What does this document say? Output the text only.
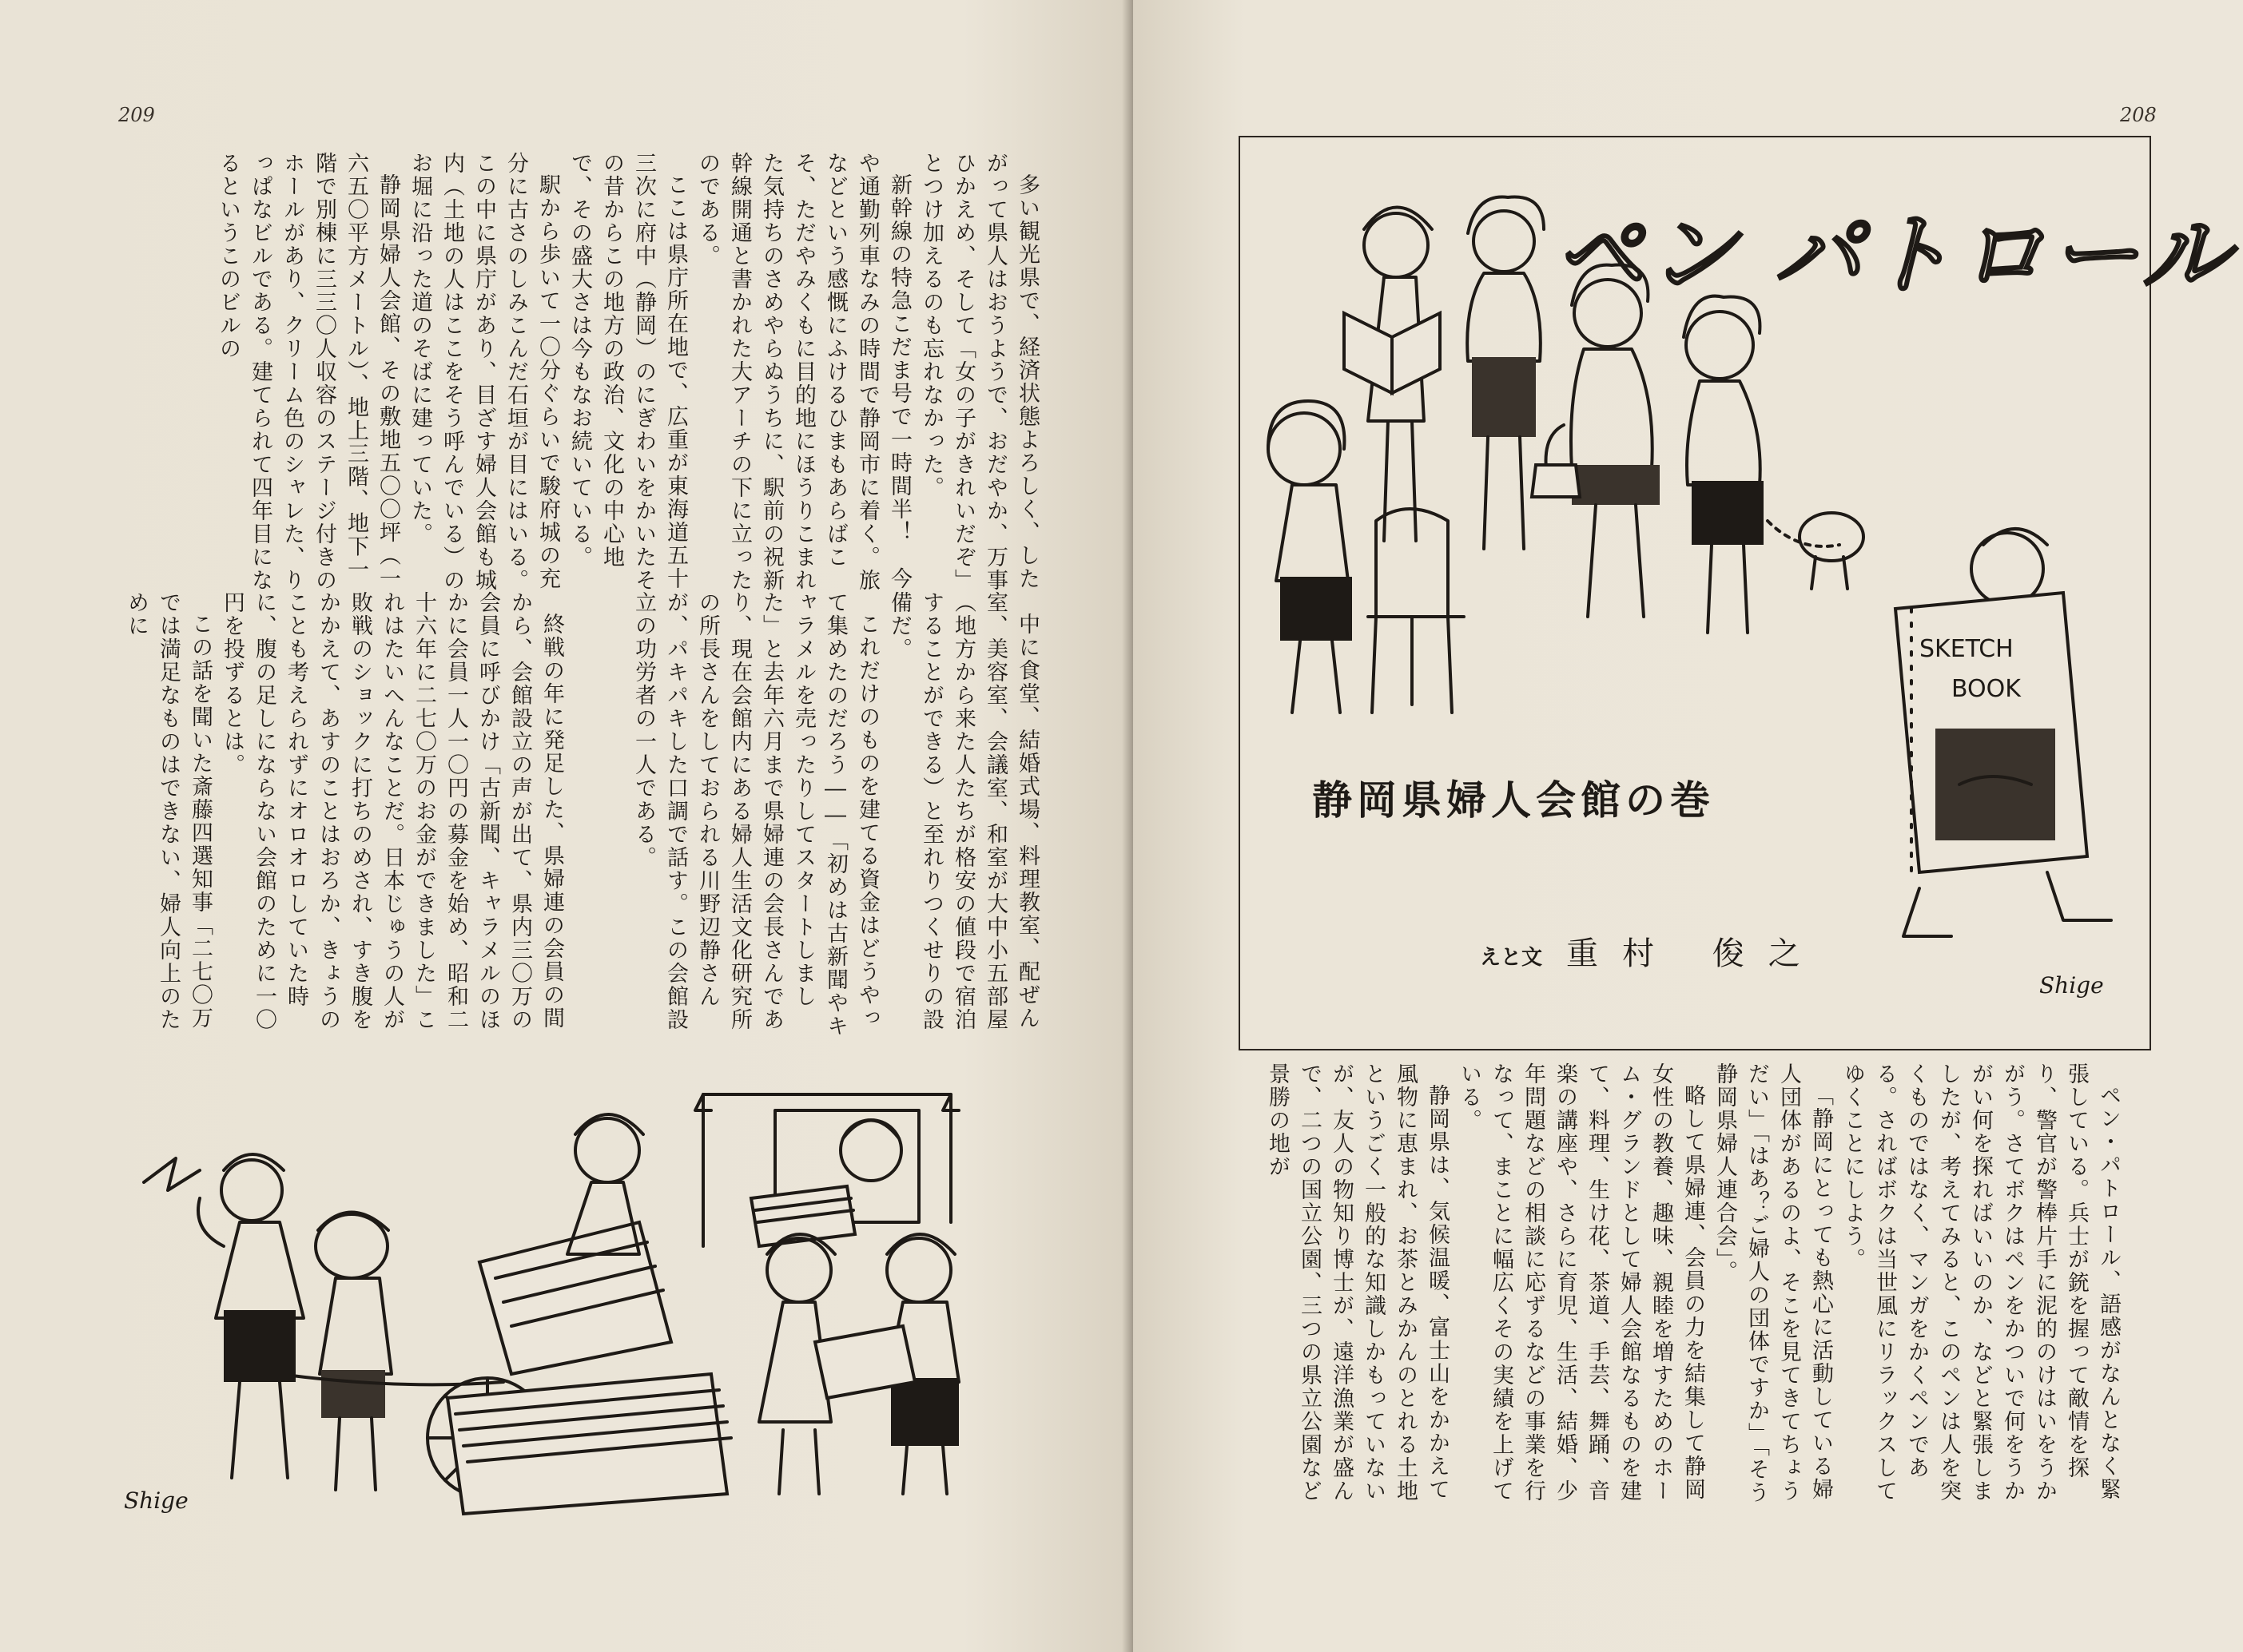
209

多い観光県で、経済状態よろしく、したがって県人はおうようで、おだやか、万事ひかえめ、そして「女の子がきれいだぞ」とつけ加えるのも忘れなかった。

新幹線の特急こだま号で一時間半！　今や通勤列車なみの時間で静岡市に着く。旅などという感慨にふけるひまもあらばこそ、ただやみくもに目的地にほうりこまれた気持ちのさめやらぬうちに、駅前の祝新幹線開通と書かれた大アーチの下に立ったのである。

ここは県庁所在地で、広重が東海道五十三次に府中（静岡）のにぎわいをかいたその昔からこの地方の政治、文化の中心地で、その盛大さは今もなお続いている。

駅から歩いて一〇分ぐらいで駿府城の充分に古さのしみこんだ石垣が目にはいる。この中に県庁があり、目ざす婦人会館も城内（土地の人はここをそう呼んでいる）のお堀に沿った道のそばに建っていた。

静岡県婦人会館、その敷地五〇〇坪（一六五〇平方メートル）、地上三階、地下一階で別棟に三三〇人収容のステージ付きのホールがあり、クリーム色のシャレた、りっぱなビルである。建てられて四年目になるというこのビルの

中に食堂、結婚式場、料理教室、配ぜん室、美容室、会議室、和室が大中小五部屋（地方から来た人たちが格安の値段で宿泊することができる）と至れりつくせりの設備だ。

これだけのものを建てる資金はどうやって集めたのだろう――「初めは古新聞やキャラメルを売ったりしてスタートしました」と去年六月まで県婦連の会長さんであり、現在会館内にある婦人生活文化研究所の所長さんをしておられる川野辺静さんが、パキパキした口調で話す。この会館設立の功労者の一人である。

終戦の年に発足した、県婦連の会員の間から、会館設立の声が出て、県内三〇万の会員に呼びかけ「古新聞、キャラメルのほかに会員一人一〇円の募金を始め、昭和二十六年に二七〇万のお金ができました」これはたいへんなことだ。日本じゅうの人が敗戦のショックに打ちのめされ、すき腹をかかえて、あすのことはおろか、きょうのことも考えられずにオロオロしていた時に、腹の足しにならない会館のために一〇円を投ずるとは。

この話を聞いた斎藤四選知事「二七〇万では満足なものはできない、婦人向上のために

Shige
208
ペン パトロール
SKETCH
BOOK
Shige
静岡県婦人会館の巻
えと文 重村 俊之

ペン・パトロール、語感がなんとなく緊張している。兵士が銃を握って敵情を探り、警官が警棒片手に泥的のけはいをうかがう。さてボクはペンをかついで何をうかがい何を探ればいいのか、などと緊張しましたが、考えてみると、このペンは人を突くものではなく、マンガをかくペンである。さればボクは当世風にリラックスしてゆくことにしよう。

「静岡にとっても熱心に活動している婦人団体があるのよ、そこを見てきてちょうだい」「はあ？ご婦人の団体ですか」「そう静岡県婦人連合会」。

略して県婦連、会員の力を結集して静岡女性の教養、趣味、親睦を増すためのホーム・グランドとして婦人会館なるものを建て、料理、生け花、茶道、手芸、舞踊、音楽の講座や、さらに育児、生活、結婚、少年問題などの相談に応ずるなどの事業を行なって、まことに幅広くその実績を上げている。

静岡県は、気候温暖、富士山をかかえて風物に恵まれ、お茶とみかんのとれる土地というごく一般的な知識しかもっていないが、友人の物知り博士が、遠洋漁業が盛んで、二つの国立公園、三つの県立公園など景勝の地が
